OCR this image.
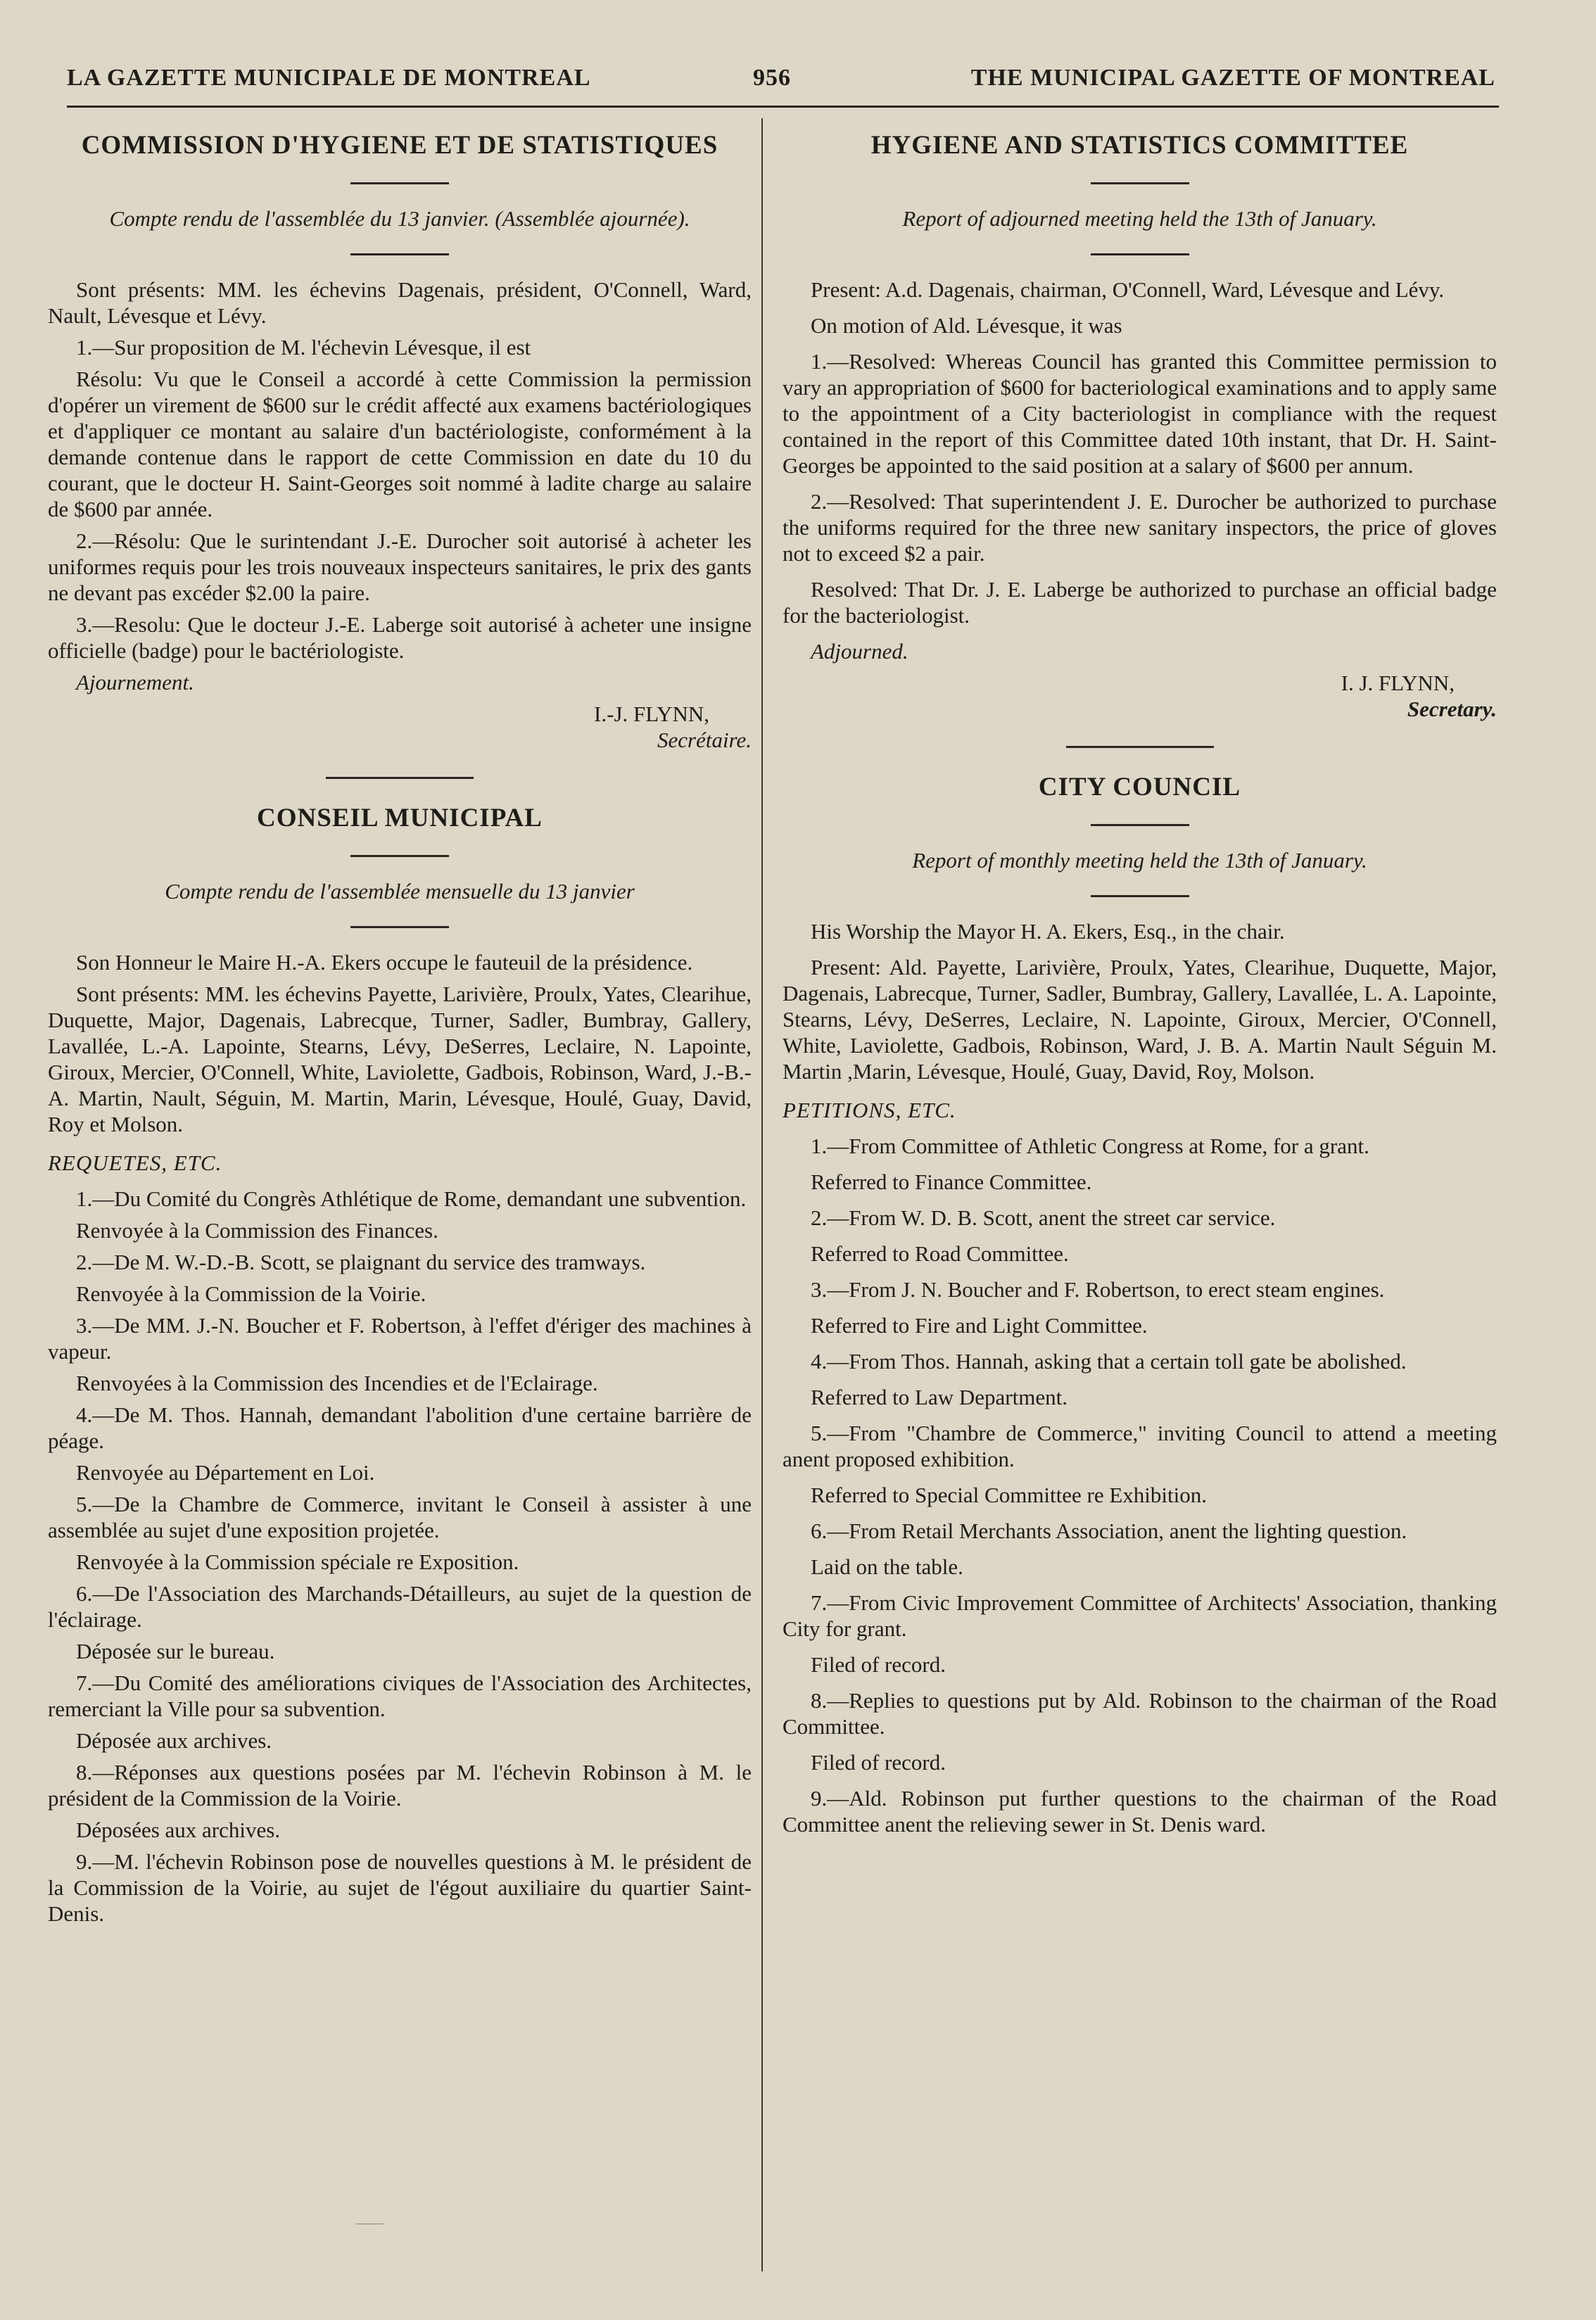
LA GAZETTE MUNICIPALE DE MONTREAL	956	THE MUNICIPAL GAZETTE OF MONTREAL
COMMISSION D'HYGIENE ET DE STATISTIQUES

Compte rendu de l'assemblée du 13 janvier. (Assemblée ajournée).

Sont présents: MM. les échevins Dagenais, président, O'Connell, Ward, Nault, Lévesque et Lévy.

1.—Sur proposition de M. l'échevin Lévesque, il est

Résolu: Vu que le Conseil a accordé à cette Commission la permission d'opérer un virement de $600 sur le crédit affecté aux examens bactériologiques et d'appliquer ce montant au salaire d'un bactériologiste, conformément à la demande contenue dans le rapport de cette Commission en date du 10 du courant, que le docteur H. Saint-Georges soit nommé à ladite charge au salaire de $600 par année.

2.—Résolu: Que le surintendant J.-E. Durocher soit autorisé à acheter les uniformes requis pour les trois nouveaux inspecteurs sanitaires, le prix des gants ne devant pas excéder $2.00 la paire.

3.—Resolu: Que le docteur J.-E. Laberge soit autorisé à acheter une insigne officielle (badge) pour le bactériologiste.

Ajournement.

I.-J. FLYNN,

Secrétaire.

CONSEIL MUNICIPAL

Compte rendu de l'assemblée mensuelle du 13 janvier

Son Honneur le Maire H.-A. Ekers occupe le fauteuil de la présidence.

Sont présents: MM. les échevins Payette, Larivière, Proulx, Yates, Clearihue, Duquette, Major, Dagenais, Labrecque, Turner, Sadler, Bumbray, Gallery, Lavallée, L.-A. Lapointe, Stearns, Lévy, DeSerres, Leclaire, N. Lapointe, Giroux, Mercier, O'Connell, White, Laviolette, Gadbois, Robinson, Ward, J.-B.-A. Martin, Nault, Séguin, M. Martin, Marin, Lévesque, Houlé, Guay, David, Roy et Molson.

REQUETES, ETC.

1.—Du Comité du Congrès Athlétique de Rome, demandant une subvention.

Renvoyée à la Commission des Finances.

2.—De M. W.-D.-B. Scott, se plaignant du service des tramways.

Renvoyée à la Commission de la Voirie.

3.—De MM. J.-N. Boucher et F. Robertson, à l'effet d'ériger des machines à vapeur.

Renvoyées à la Commission des Incendies et de l'Eclairage.

4.—De M. Thos. Hannah, demandant l'abolition d'une certaine barrière de péage.

Renvoyée au Département en Loi.

5.—De la Chambre de Commerce, invitant le Conseil à assister à une assemblée au sujet d'une exposition projetée.

Renvoyée à la Commission spéciale re Exposition.

6.—De l'Association des Marchands-Détailleurs, au sujet de la question de l'éclairage.

Déposée sur le bureau.

7.—Du Comité des améliorations civiques de l'Association des Architectes, remerciant la Ville pour sa subvention.

Déposée aux archives.

8.—Réponses aux questions posées par M. l'échevin Robinson à M. le président de la Commission de la Voirie.

Déposées aux archives.

9.—M. l'échevin Robinson pose de nouvelles questions à M. le président de la Commission de la Voirie, au sujet de l'égout auxiliaire du quartier Saint-Denis.

HYGIENE AND STATISTICS COMMITTEE

Report of adjourned meeting held the 13th of January.

Present: A.d. Dagenais, chairman, O'Connell, Ward, Lévesque and Lévy.

On motion of Ald. Lévesque, it was

1.—Resolved: Whereas Council has granted this Committee permission to vary an appropriation of $600 for bacteriological examinations and to apply same to the appointment of a City bacteriologist in compliance with the request contained in the report of this Committee dated 10th instant, that Dr. H. Saint-Georges be appointed to the said position at a salary of $600 per annum.

2.—Resolved: That superintendent J. E. Durocher be authorized to purchase the uniforms required for the three new sanitary inspectors, the price of gloves not to exceed $2 a pair.

Resolved: That Dr. J. E. Laberge be authorized to purchase an official badge for the bacteriologist.

Adjourned.

I. J. FLYNN,

Secretary.

CITY COUNCIL

Report of monthly meeting held the 13th of January.

His Worship the Mayor H. A. Ekers, Esq., in the chair.

Present: Ald. Payette, Larivière, Proulx, Yates, Clearihue, Duquette, Major, Dagenais, Labrecque, Turner, Sadler, Bumbray, Gallery, Lavallée, L. A. Lapointe, Stearns, Lévy, DeSerres, Leclaire, N. Lapointe, Giroux, Mercier, O'Connell, White, Laviolette, Gadbois, Robinson, Ward, J. B. A. Martin Nault Séguin M. Martin ,Marin, Lévesque, Houlé, Guay, David, Roy, Molson.

PETITIONS, ETC.

1.—From Committee of Athletic Congress at Rome, for a grant.

Referred to Finance Committee.

2.—From W. D. B. Scott, anent the street car service.

Referred to Road Committee.

3.—From J. N. Boucher and F. Robertson, to erect steam engines.

Referred to Fire and Light Committee.

4.—From Thos. Hannah, asking that a certain toll gate be abolished.

Referred to Law Department.

5.—From "Chambre de Commerce," inviting Council to attend a meeting anent proposed exhibition.

Referred to Special Committee re Exhibition.

6.—From Retail Merchants Association, anent the lighting question.

Laid on the table.

7.—From Civic Improvement Committee of Architects' Association, thanking City for grant.

Filed of record.

8.—Replies to questions put by Ald. Robinson to the chairman of the Road Committee.

Filed of record.

9.—Ald. Robinson put further questions to the chairman of the Road Committee anent the relieving sewer in St. Denis ward.
